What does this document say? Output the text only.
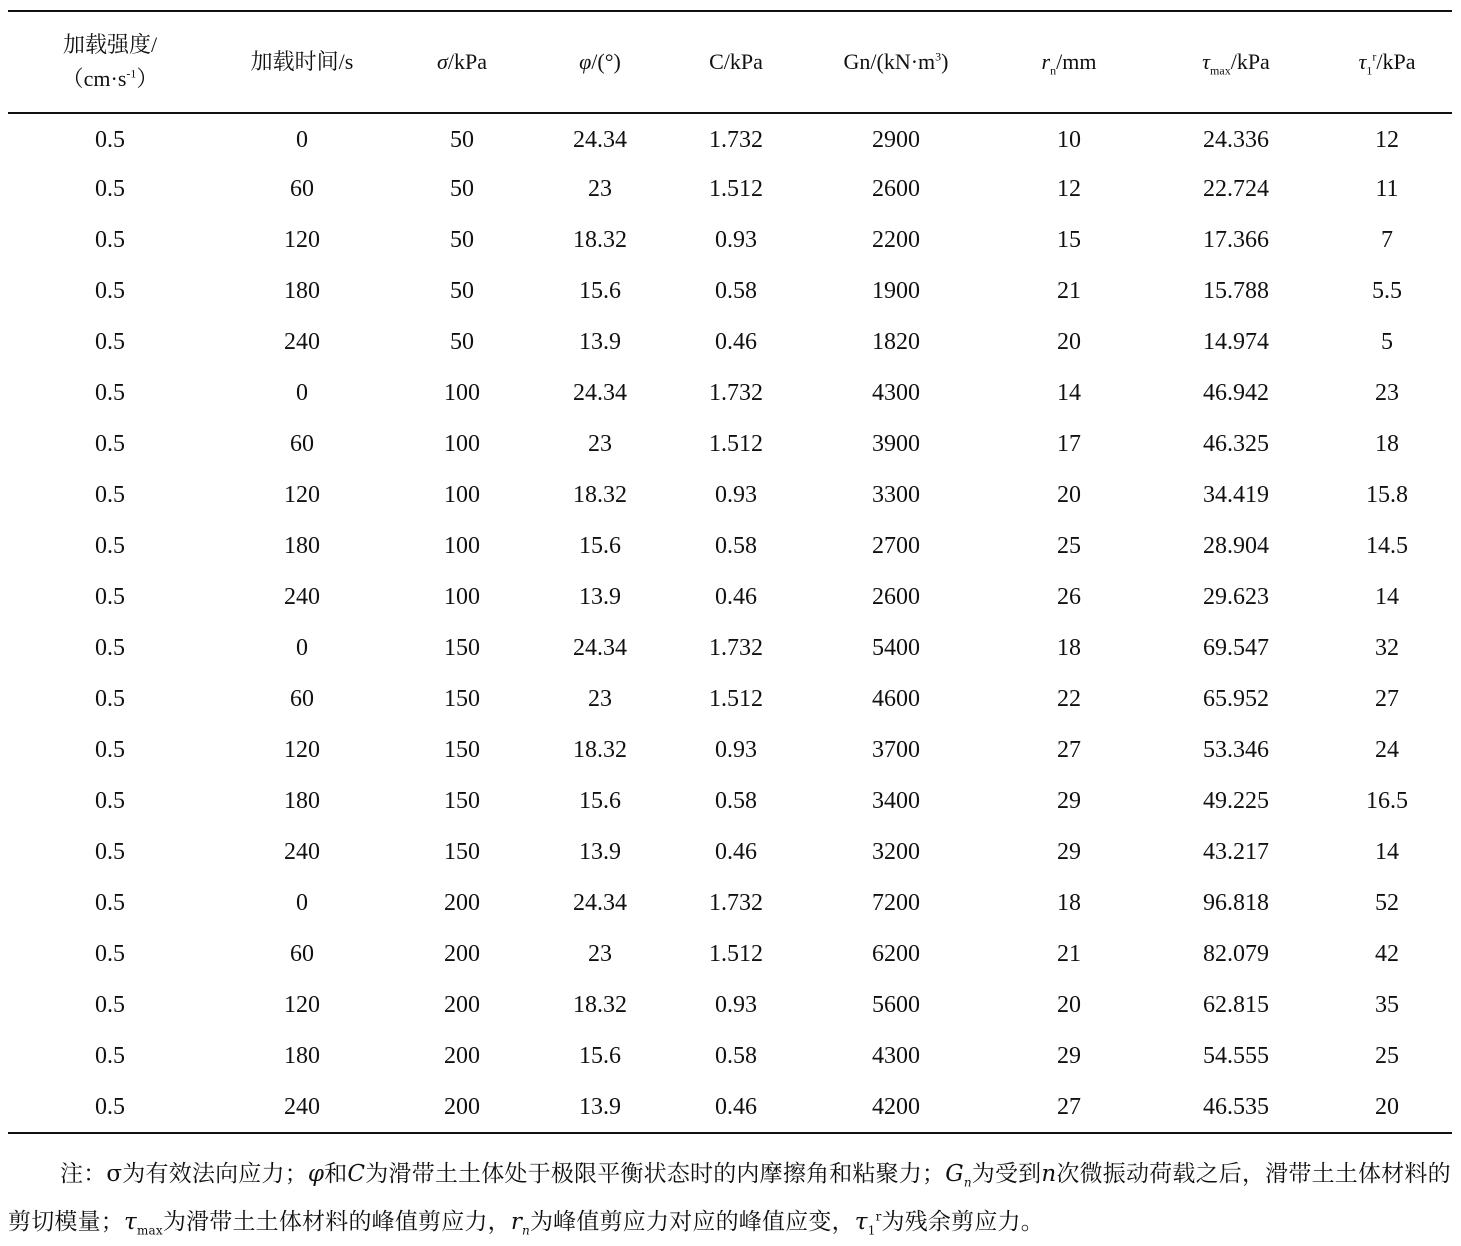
加载强度/
$(cm\cdot s^{-1})$	加载时间/s	σ/kPa	φ/(°)	C/kPa	$Gn/(kN\cdot m^3)$	$r_n/mm$	$\tau_{max}$/kPa	$\tau_1^r$/kPa
0.5	0	50	24.34	1.732	2900	10	24.336	12
0.5	60	50	23	1.512	2600	12	22.724	11
0.5	120	50	18.32	0.93	2200	15	17.366	7
0.5	180	50	15.6	0.58	1900	21	15.788	5.5
0.5	240	50	13.9	0.46	1820	20	14.974	5
0.5	0	100	24.34	1.732	4300	14	46.942	23
0.5	60	100	23	1.512	3900	17	46.325	18
0.5	120	100	18.32	0.93	3300	20	34.419	15.8
0.5	180	100	15.6	0.58	2700	25	28.904	14.5
0.5	240	100	13.9	0.46	2600	26	29.623	14
0.5	0	150	24.34	1.732	5400	18	69.547	32
0.5	60	150	23	1.512	4600	22	65.952	27
0.5	120	150	18.32	0.93	3700	27	53.346	24
0.5	180	150	15.6	0.58	3400	29	49.225	16.5
0.5	240	150	13.9	0.46	3200	29	43.217	14
0.5	0	200	24.34	1.732	7200	18	96.818	52
0.5	60	200	23	1.512	6200	21	82.079	42
0.5	120	200	18.32	0.93	5600	20	62.815	35
0.5	180	200	15.6	0.58	4300	29	54.555	25
0.5	240	200	13.9	0.46	4200	27	46.535	20
注：σ为有效法向应力；φ和C为滑带土土体处于极限平衡状态时的内摩擦角和粘聚力；$G_n$为受到n次微振动荷载之后，滑带土土体材料的剪切模量；$\tau_{max}$为滑带土土体材料的峰值剪应力，$r_n$为峰值剪应力对应的峰值应变，$\tau_1^r$为残余剪应力。
